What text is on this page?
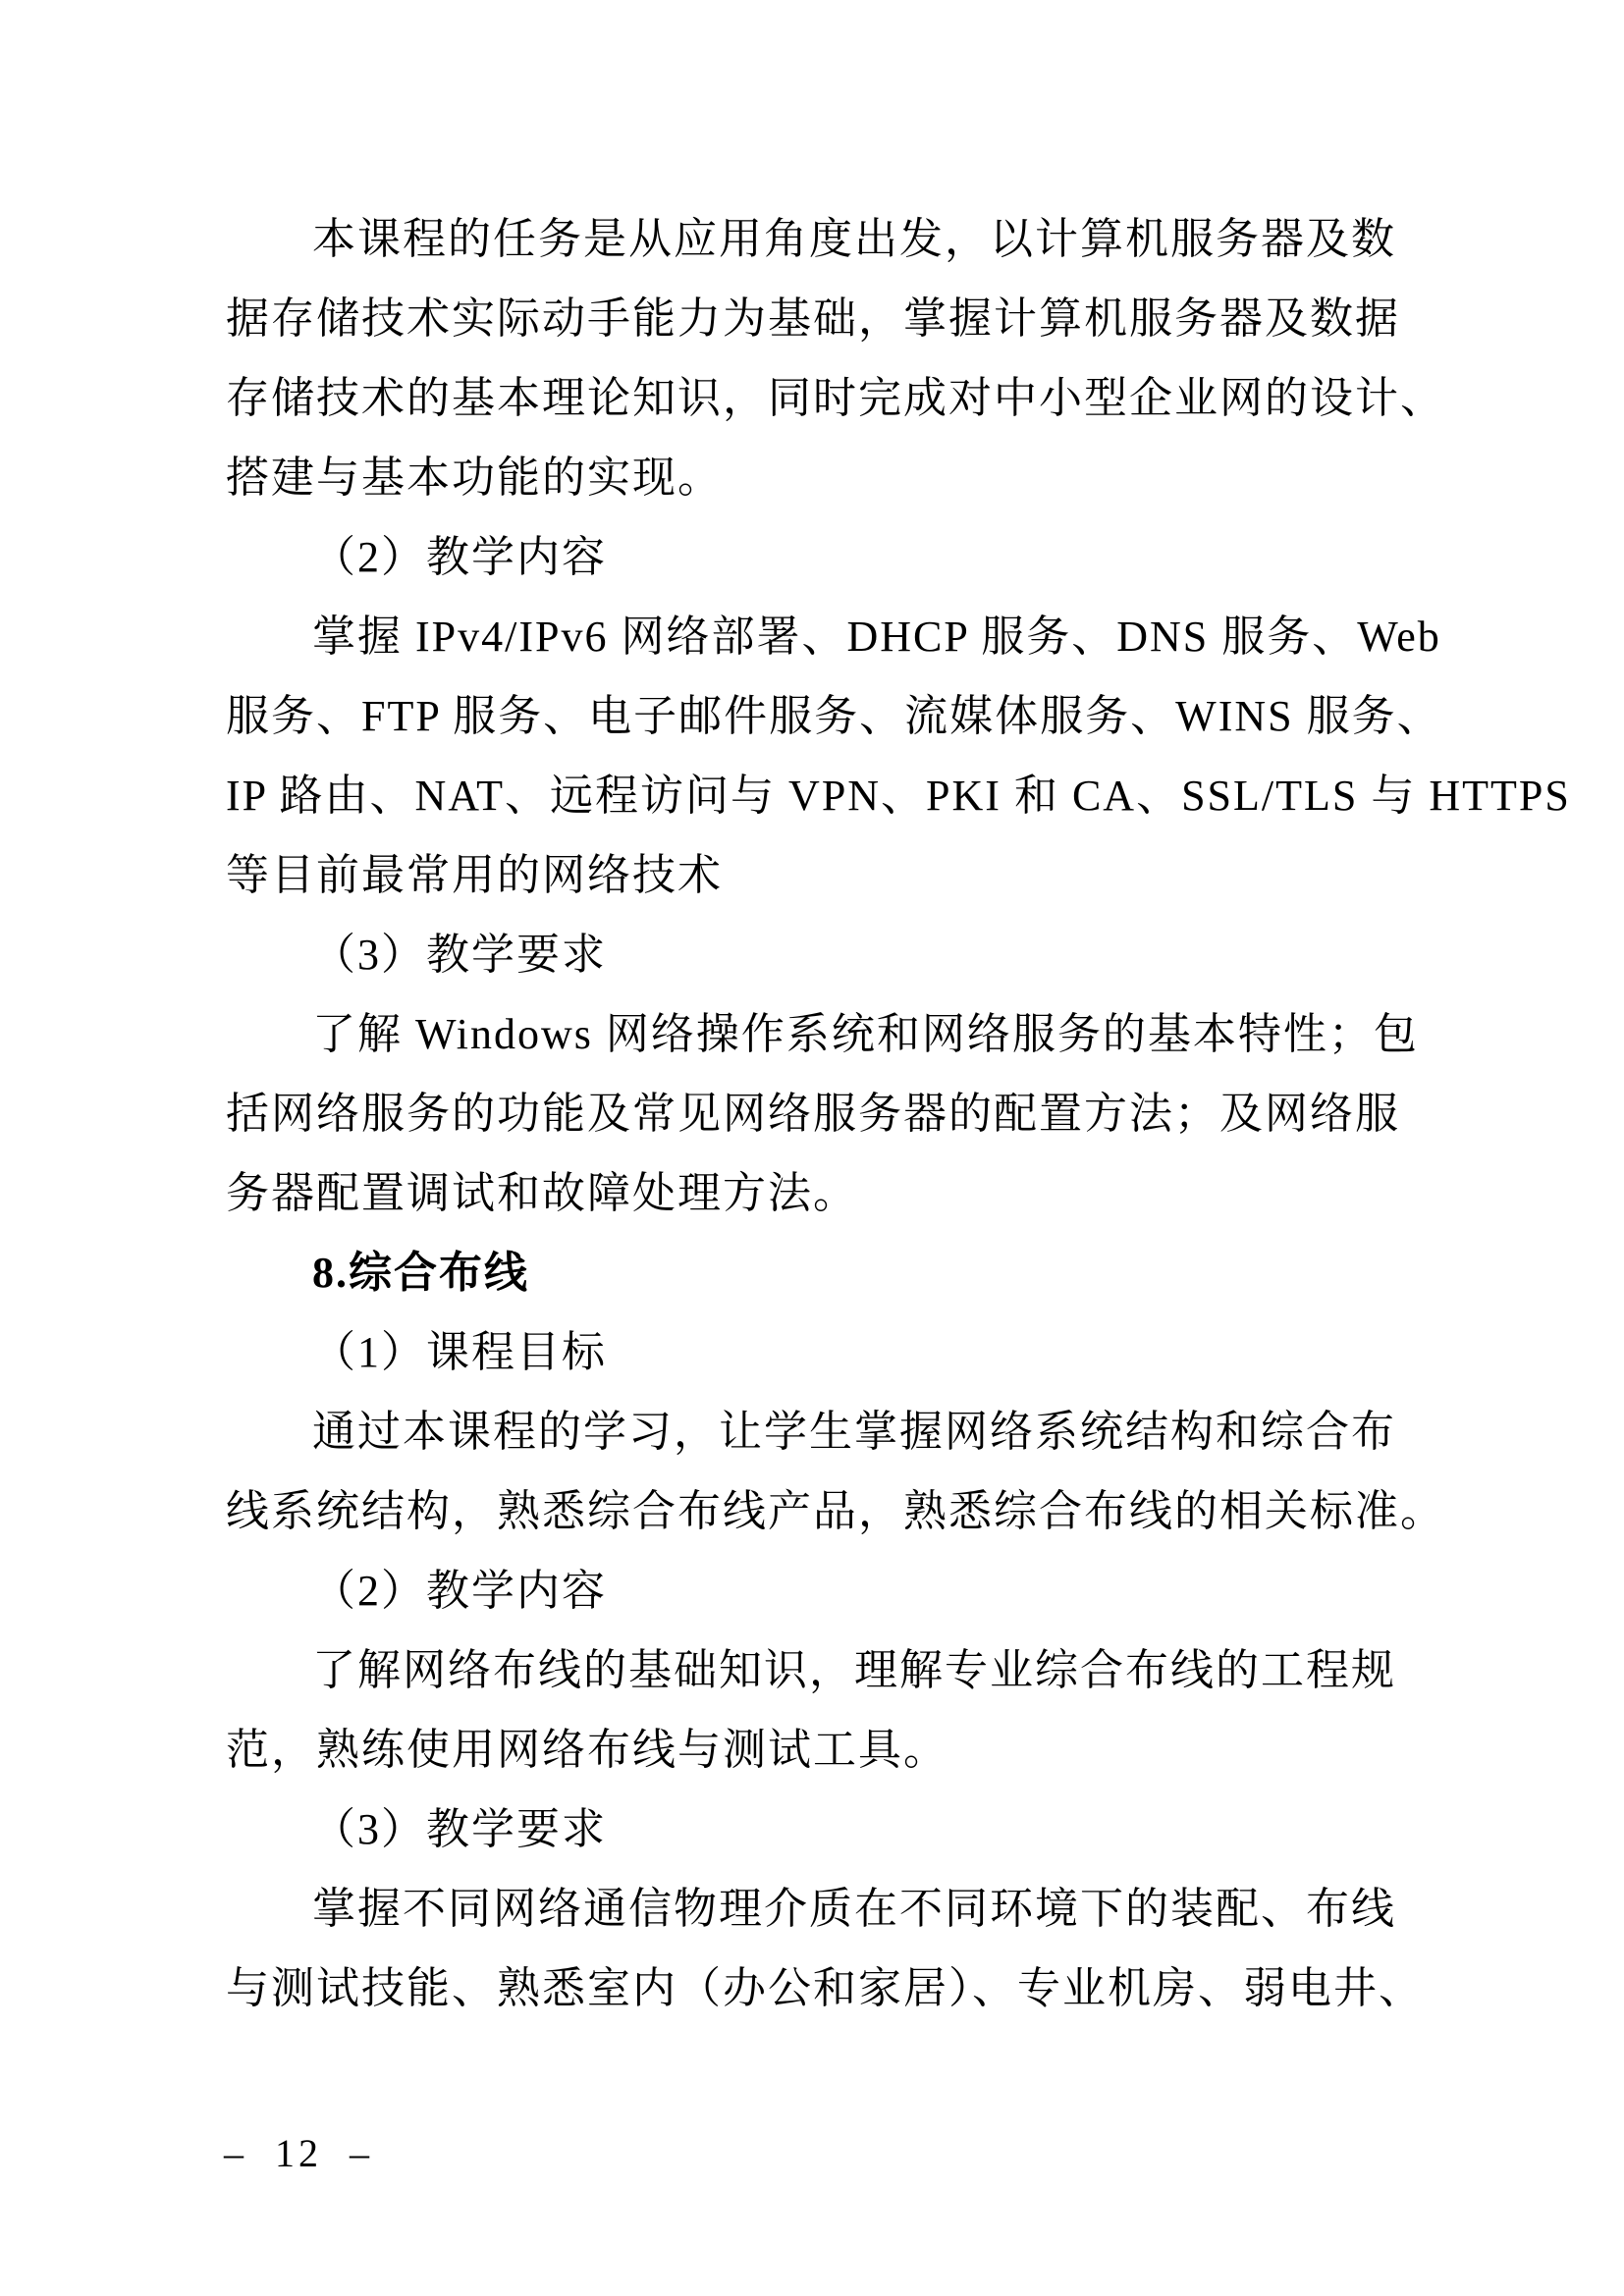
本课程的任务是从应用角度出发，以计算机服务器及数
据存储技术实际动手能力为基础，掌握计算机服务器及数据
存储技术的基本理论知识，同时完成对中小型企业网的设计、
搭建与基本功能的实现。
（2）教学内容
掌握 IPv4/IPv6 网络部署、DHCP 服务、DNS 服务、Web
服务、FTP 服务、电子邮件服务、流媒体服务、WINS 服务、
IP 路由、NAT、远程访问与 VPN、PKI 和 CA、SSL/TLS 与 HTTPS
等目前最常用的网络技术
（3）教学要求
了解 Windows 网络操作系统和网络服务的基本特性；包
括网络服务的功能及常见网络服务器的配置方法；及网络服
务器配置调试和故障处理方法。
8.综合布线
（1）课程目标
通过本课程的学习，让学生掌握网络系统结构和综合布
线系统结构，熟悉综合布线产品，熟悉综合布线的相关标准。
（2）教学内容
了解网络布线的基础知识，理解专业综合布线的工程规
范，熟练使用网络布线与测试工具。
（3）教学要求
掌握不同网络通信物理介质在不同环境下的装配、布线
与测试技能、熟悉室内（办公和家居）、专业机房、弱电井、
– 12 –
